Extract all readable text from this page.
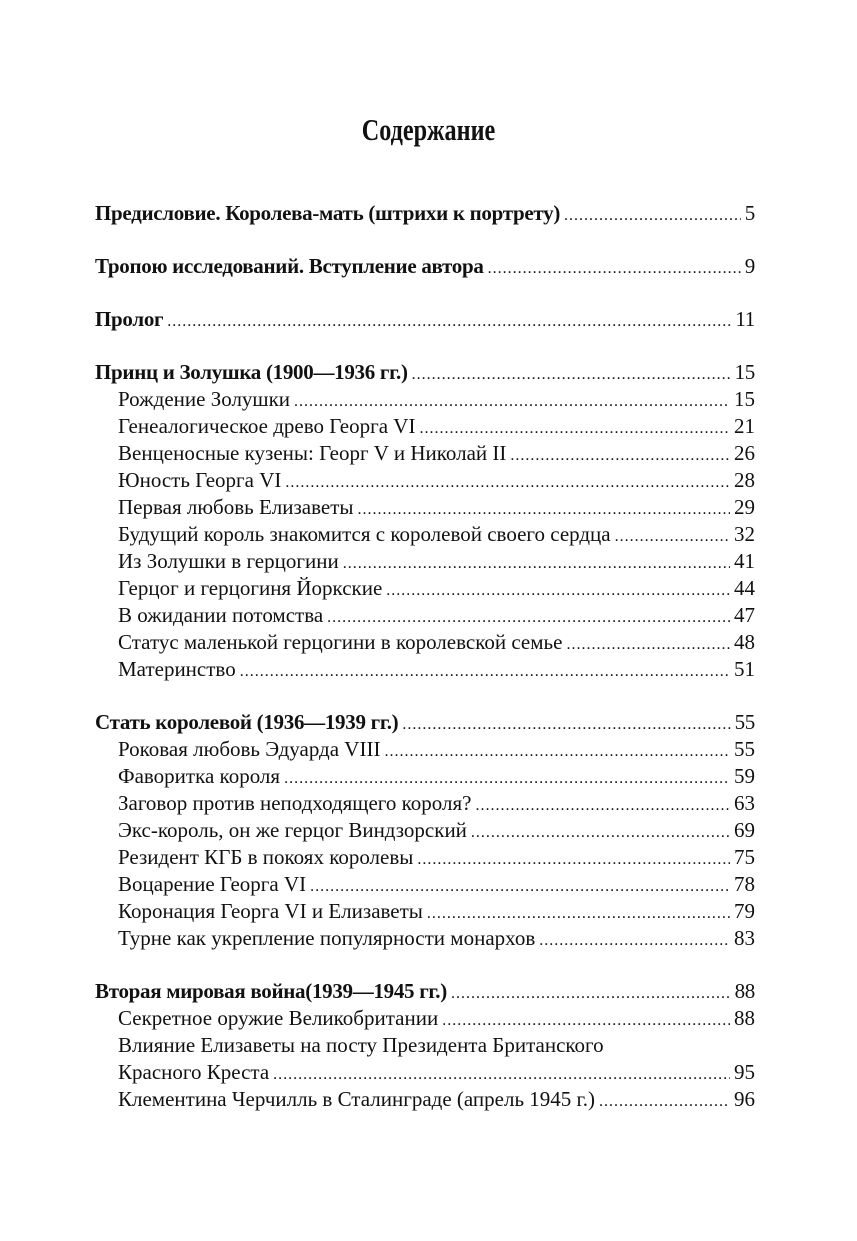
Содержание
Предисловие. Королева-мать (штрихи к портрету) .....	5
Тропою исследований. Вступление автора .....	9
Пролог .....	11
Принц и Золушка (1900—1936 гг.) .....	15
Рождение Золушки .....	15
Генеалогическое древо Георга VI .....	21
Венценосные кузены: Георг V и Николай II .....	26
Юность Георга VI .....	28
Первая любовь Елизаветы .....	29
Будущий король знакомится с королевой своего сердца .....	32
Из Золушки в герцогини .....	41
Герцог и герцогиня Йоркские .....	44
В ожидании потомства .....	47
Статус маленькой герцогини в королевской семье .....	48
Материнство .....	51
Стать королевой (1936—1939 гг.) .....	55
Роковая любовь Эдуарда VIII .....	55
Фаворитка короля .....	59
Заговор против неподходящего короля? .....	63
Экс-король, он же герцог Виндзорский .....	69
Резидент КГБ в покоях королевы .....	75
Воцарение Георга VI .....	78
Коронация Георга VI и Елизаветы .....	79
Турне как укрепление популярности монархов .....	83
Вторая мировая война(1939—1945 гг.) .....	88
Секретное оружие Великобритании .....	88
Влияние Елизаветы на посту Президента Британского
Красного Креста .....	95
Клементина Черчилль в Сталинграде (апрель 1945 г.) .....	96
